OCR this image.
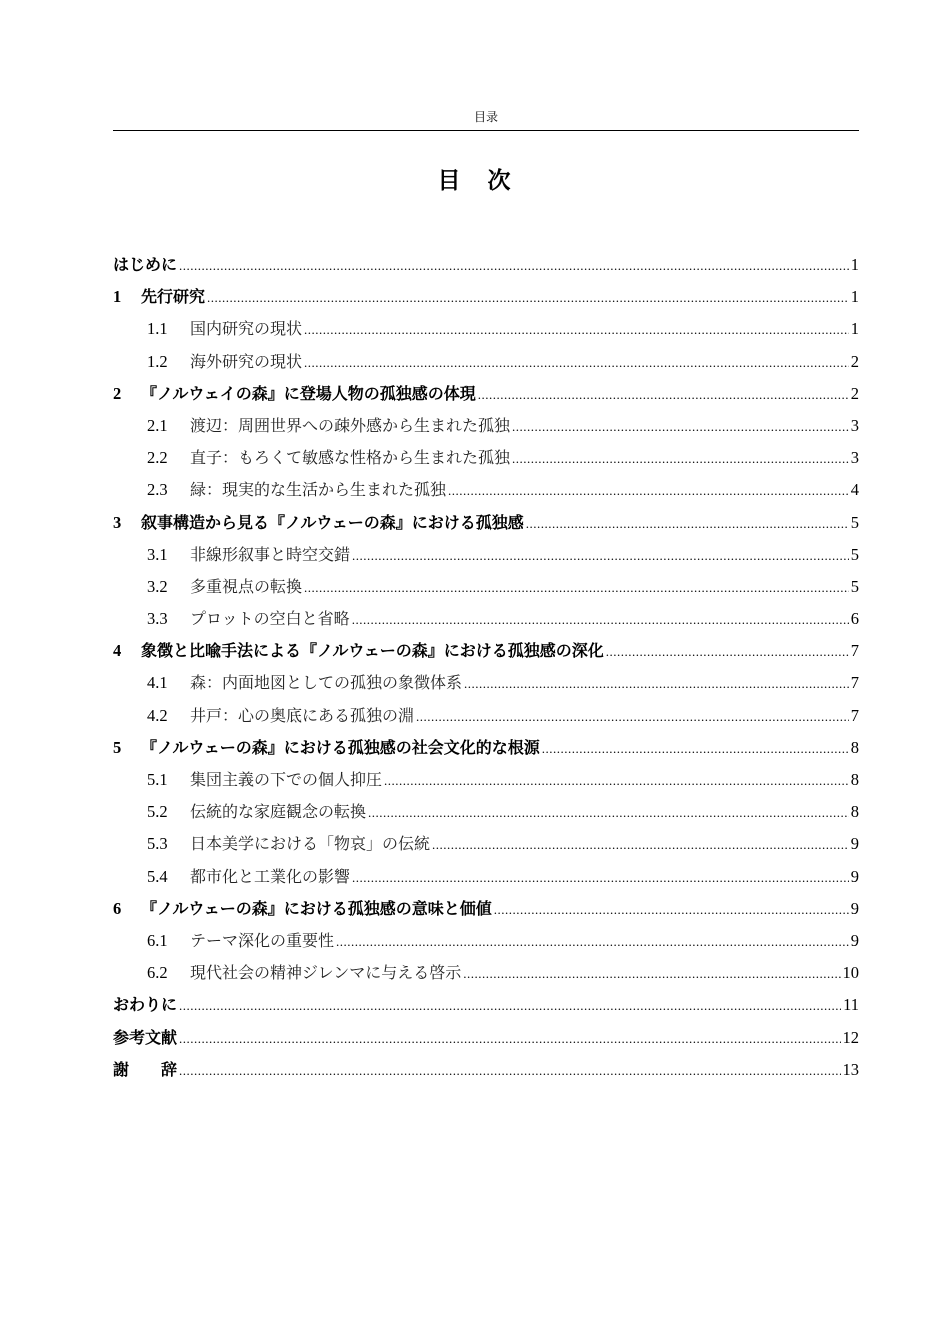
目录
目　次
はじめに .....	1
1	先行研究 .....	1
1.1	国内研究の現状 .....	1
1.2	海外研究の現状 .....	2
2	『ノルウェイの森』に登場人物の孤独感の体現 .....	2
2.1	渡辺：周囲世界への疎外感から生まれた孤独 .....	3
2.2	直子：もろくて敏感な性格から生まれた孤独 .....	3
2.3	緑：現実的な生活から生まれた孤独 .....	4
3	叙事構造から見る『ノルウェーの森』における孤独感 .....	5
3.1	非線形叙事と時空交錯 .....	5
3.2	多重視点の転換 .....	5
3.3	プロットの空白と省略 .....	6
4	象徴と比喩手法による『ノルウェーの森』における孤独感の深化 .....	7
4.1	森：内面地図としての孤独の象徴体系 .....	7
4.2	井戸：心の奥底にある孤独の淵 .....	7
5	『ノルウェーの森』における孤独感の社会文化的な根源 .....	8
5.1	集団主義の下での個人抑圧 .....	8
5.2	伝統的な家庭観念の転換 .....	8
5.3	日本美学における「物哀」の伝統 .....	9
5.4	都市化と工業化の影響 .....	9
6	『ノルウェーの森』における孤独感の意味と価値 .....	9
6.1	テーマ深化の重要性 .....	9
6.2	現代社会の精神ジレンマに与える啓示 .....	10
おわりに .....	11
参考文献 .....	12
謝　　辞 .....	13
